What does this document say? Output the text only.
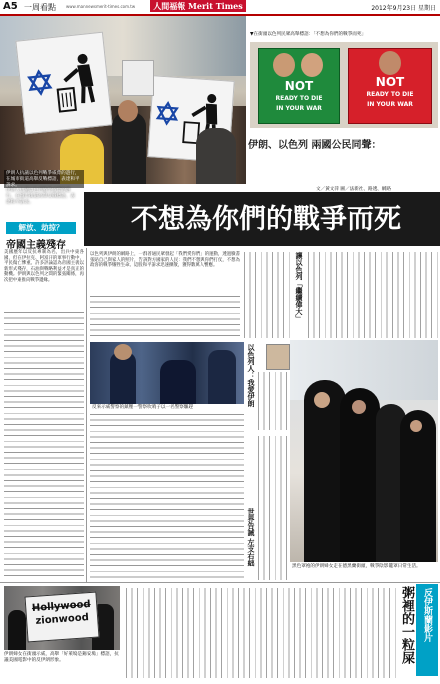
A5 一周看點	www.mannewsmerit-times.com.tw	人間福報 Merit Times	2012年9月23日 星期日
伊朗人抗議以色列戰爭威脅的遊行，在城市街道高舉反戰標語，表達和平訴求。
伊朗人抗議以色列戰爭威脅的遊行，在城市街道高舉反戰標語，表達和平訴求。
▼在街頭以色列民眾高舉標語：「不想為你們的戰爭而死」
NOT
READY TO DIE
IN YOUR WAR
NOT
READY TO DIE
IN YOUR WAR
伊朗、以色列 兩國公民同聲：
文／黃文萍 圖／法新社、路透、網路
不想為你們的戰爭而死
解放、劫掠？
帝國主義殘存
美國歷年以反抗專制為名，出兵中東各國，但在伊拉克、阿富汗的軍事行動中，平民傷亡慘重。許多評論認為帝國主義以新形式殘存，石油與戰略利益才是真正的動機。伊朗與以色列之間的緊張關係，再次把中東推向戰爭邊緣。
以色列與伊朗的網路上，一群普通民眾發起「我們愛你們」的運動，透過臉書張貼自己與家人的照片，告訴對方國家的人民：我們不想與你們打仗，不想為政客的戰爭犧牲生命。這股和平訴求迅速擴散，獲得數萬人響應。	讓以色列「繼續偉大」
反來示威警察的鎮壓一警察吹哨子以一名警察驅趕
以色列人：我愛伊朗
世界告誡 左支右絀
黑色罩袍的伊朗婦女走在德黑蘭街頭，戰爭陰影籠罩日常生活。
Hollywood
zionwood
伊朗婦女在街頭示威，高舉「好萊塢是錫安塢」標語，抗議美國電影中的反伊朗形象。
反伊斯蘭影片
粥裡的一粒屎
